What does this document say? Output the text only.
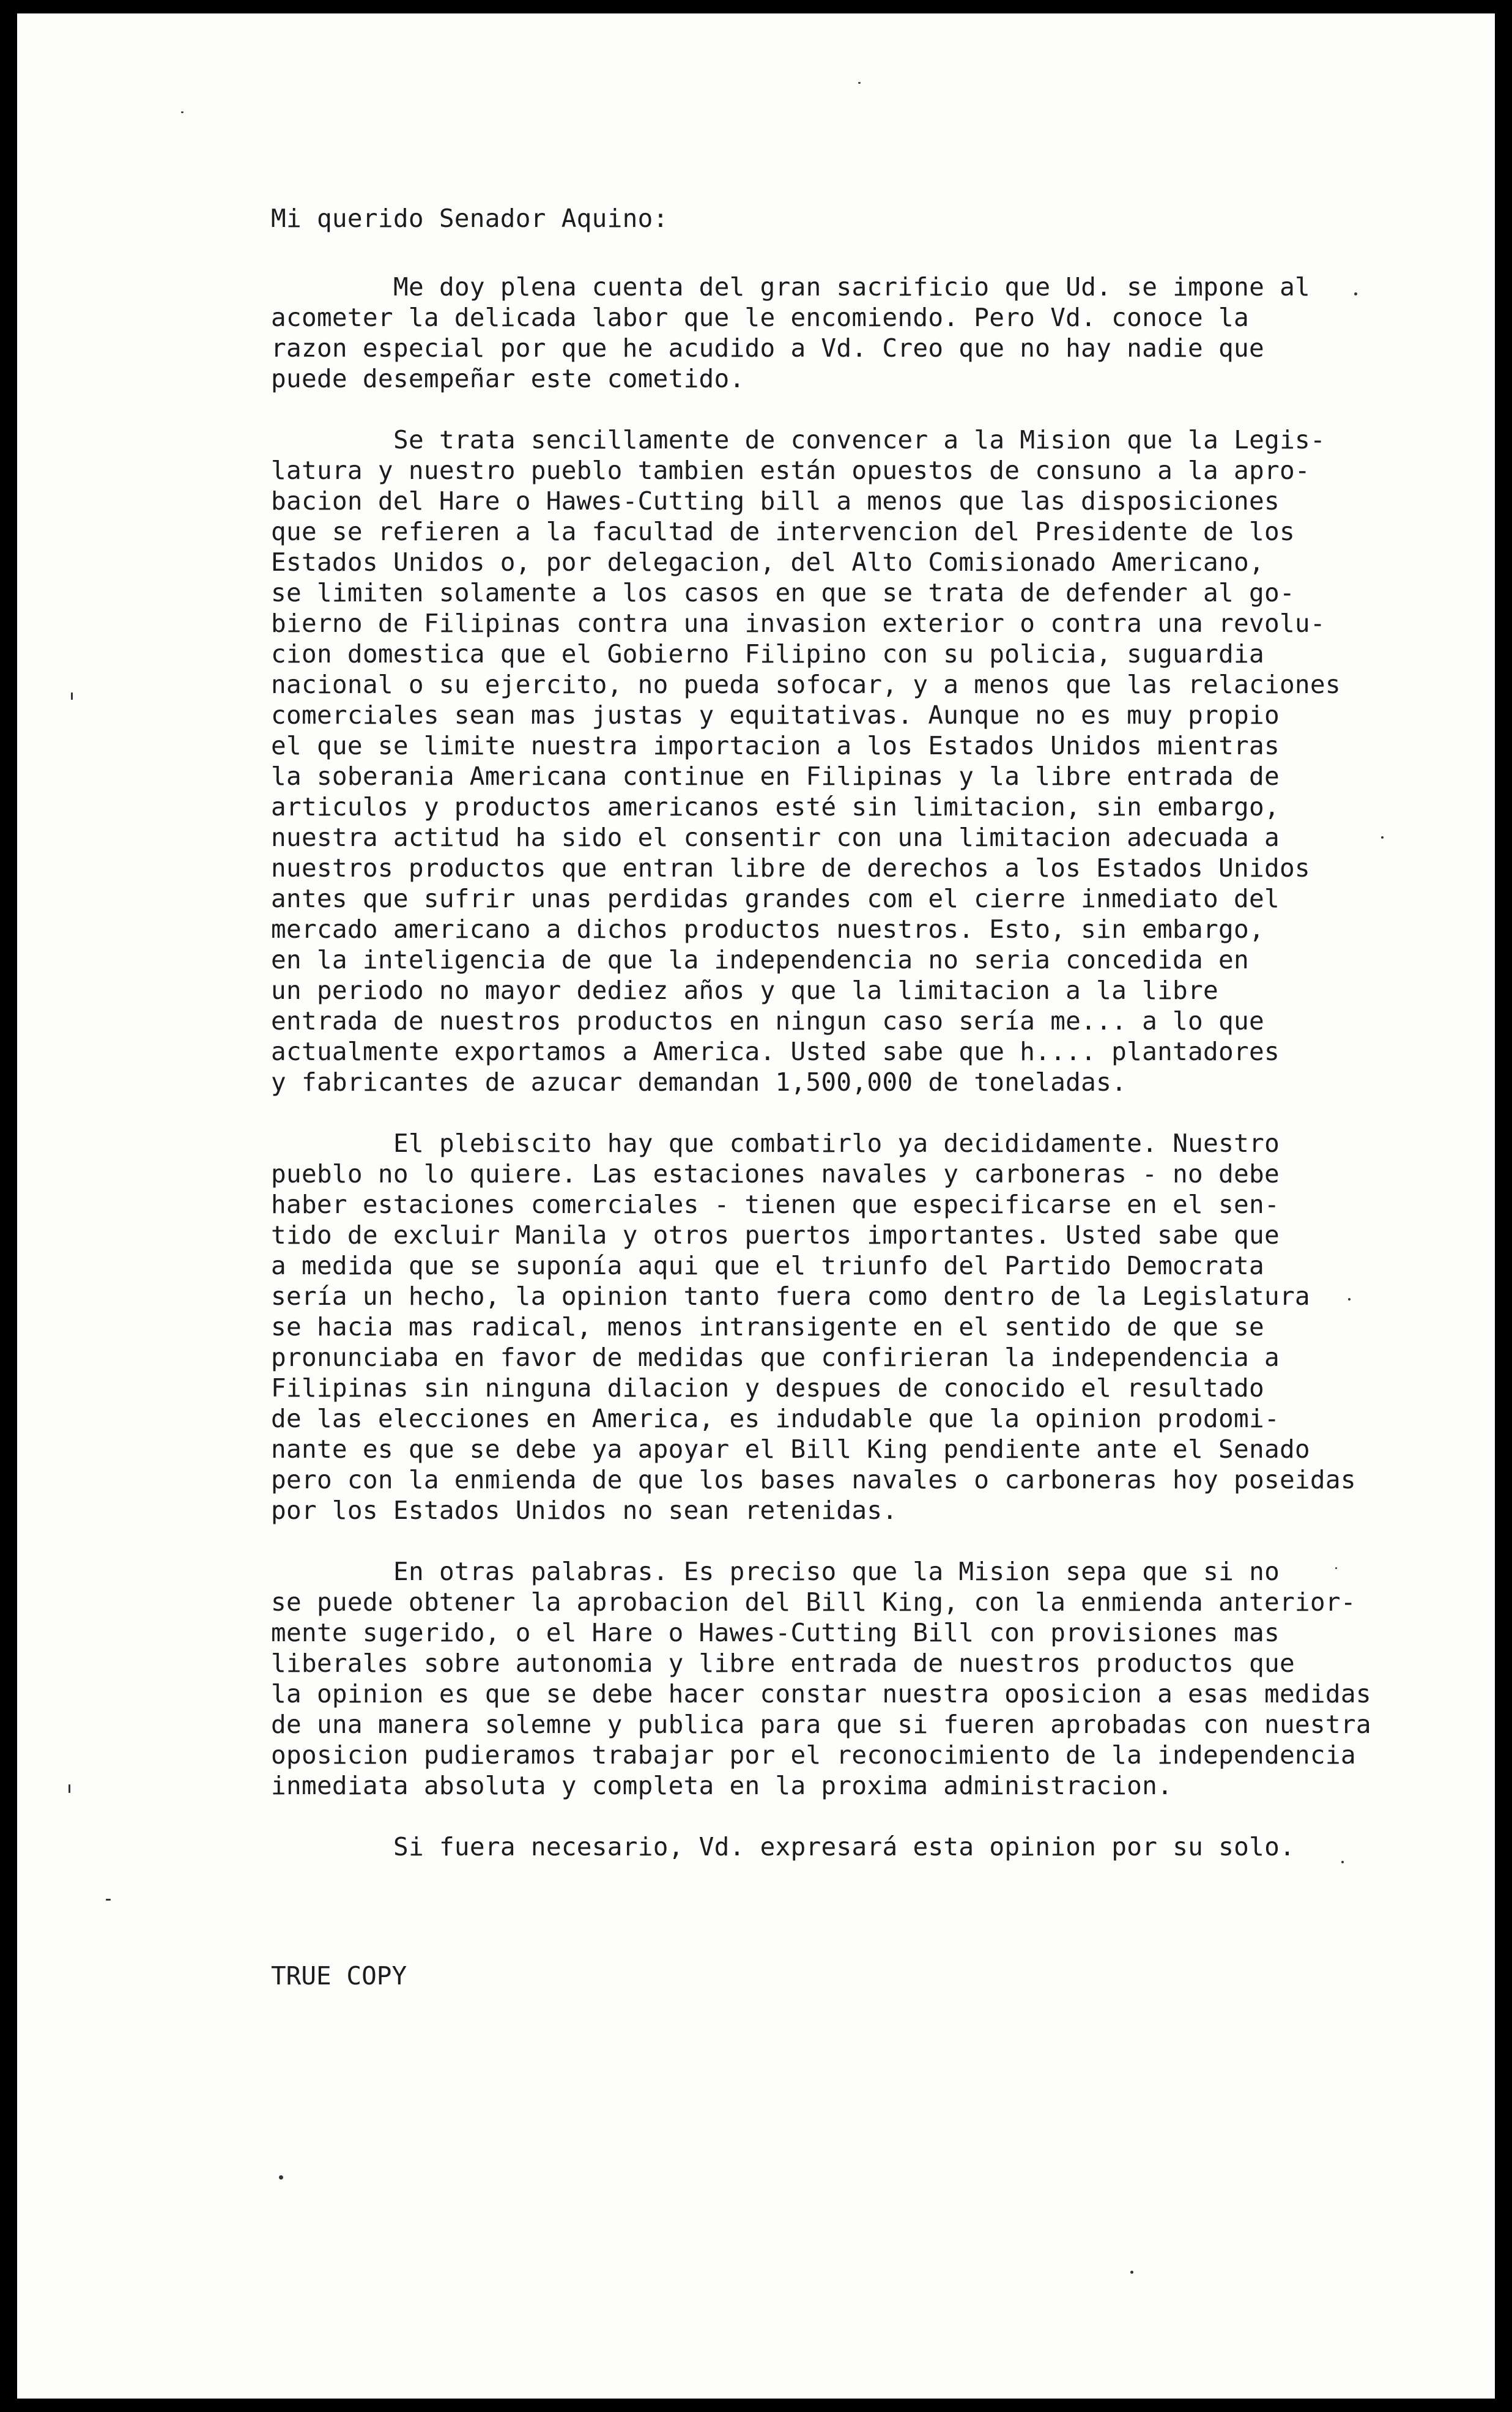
Mi querido Senador Aquino:
Me doy plena cuenta del gran sacrificio que Ud. se impone al
acometer la delicada labor que le encomiendo. Pero Vd. conoce la
razon especial por que he acudido a Vd. Creo que no hay nadie que
puede desempeñar este cometido.
Se trata sencillamente de convencer a la Mision que la Legis-
latura y nuestro pueblo tambien están opuestos de consuno a la apro-
bacion del Hare o Hawes-Cutting bill a menos que las disposiciones
que se refieren a la facultad de intervencion del Presidente de los
Estados Unidos o, por delegacion, del Alto Comisionado Americano,
se limiten solamente a los casos en que se trata de defender al go-
bierno de Filipinas contra una invasion exterior o contra una revolu-
cion domestica que el Gobierno Filipino con su policia, suguardia
nacional o su ejercito, no pueda sofocar, y a menos que las relaciones
comerciales sean mas justas y equitativas. Aunque no es muy propio
el que se limite nuestra importacion a los Estados Unidos mientras
la soberania Americana continue en Filipinas y la libre entrada de
articulos y productos americanos esté sin limitacion, sin embargo,
nuestra actitud ha sido el consentir con una limitacion adecuada a
nuestros productos que entran libre de derechos a los Estados Unidos
antes que sufrir unas perdidas grandes com el cierre inmediato del
mercado americano a dichos productos nuestros. Esto, sin embargo,
en la inteligencia de que la independencia no seria concedida en
un periodo no mayor dediez años y que la limitacion a la libre
entrada de nuestros productos en ningun caso sería me... a lo que
actualmente exportamos a America. Usted sabe que h.... plantadores
y fabricantes de azucar demandan 1,500,000 de toneladas.
El plebiscito hay que combatirlo ya decididamente. Nuestro
pueblo no lo quiere. Las estaciones navales y carboneras - no debe
haber estaciones comerciales - tienen que especificarse en el sen-
tido de excluir Manila y otros puertos importantes. Usted sabe que
a medida que se suponía aqui que el triunfo del Partido Democrata
sería un hecho, la opinion tanto fuera como dentro de la Legislatura
se hacia mas radical, menos intransigente en el sentido de que se
pronunciaba en favor de medidas que confirieran la independencia a
Filipinas sin ninguna dilacion y despues de conocido el resultado
de las elecciones en America, es indudable que la opinion prodomi-
nante es que se debe ya apoyar el Bill King pendiente ante el Senado
pero con la enmienda de que los bases navales o carboneras hoy poseidas
por los Estados Unidos no sean retenidas.
En otras palabras. Es preciso que la Mision sepa que si no
se puede obtener la aprobacion del Bill King, con la enmienda anterior-
mente sugerido, o el Hare o Hawes-Cutting Bill con provisiones mas
liberales sobre autonomia y libre entrada de nuestros productos que
la opinion es que se debe hacer constar nuestra oposicion a esas medidas
de una manera solemne y publica para que si fueren aprobadas con nuestra
oposicion pudieramos trabajar por el reconocimiento de la independencia
inmediata absoluta y completa en la proxima administracion.
Si fuera necesario, Vd. expresará esta opinion por su solo.
TRUE COPY
